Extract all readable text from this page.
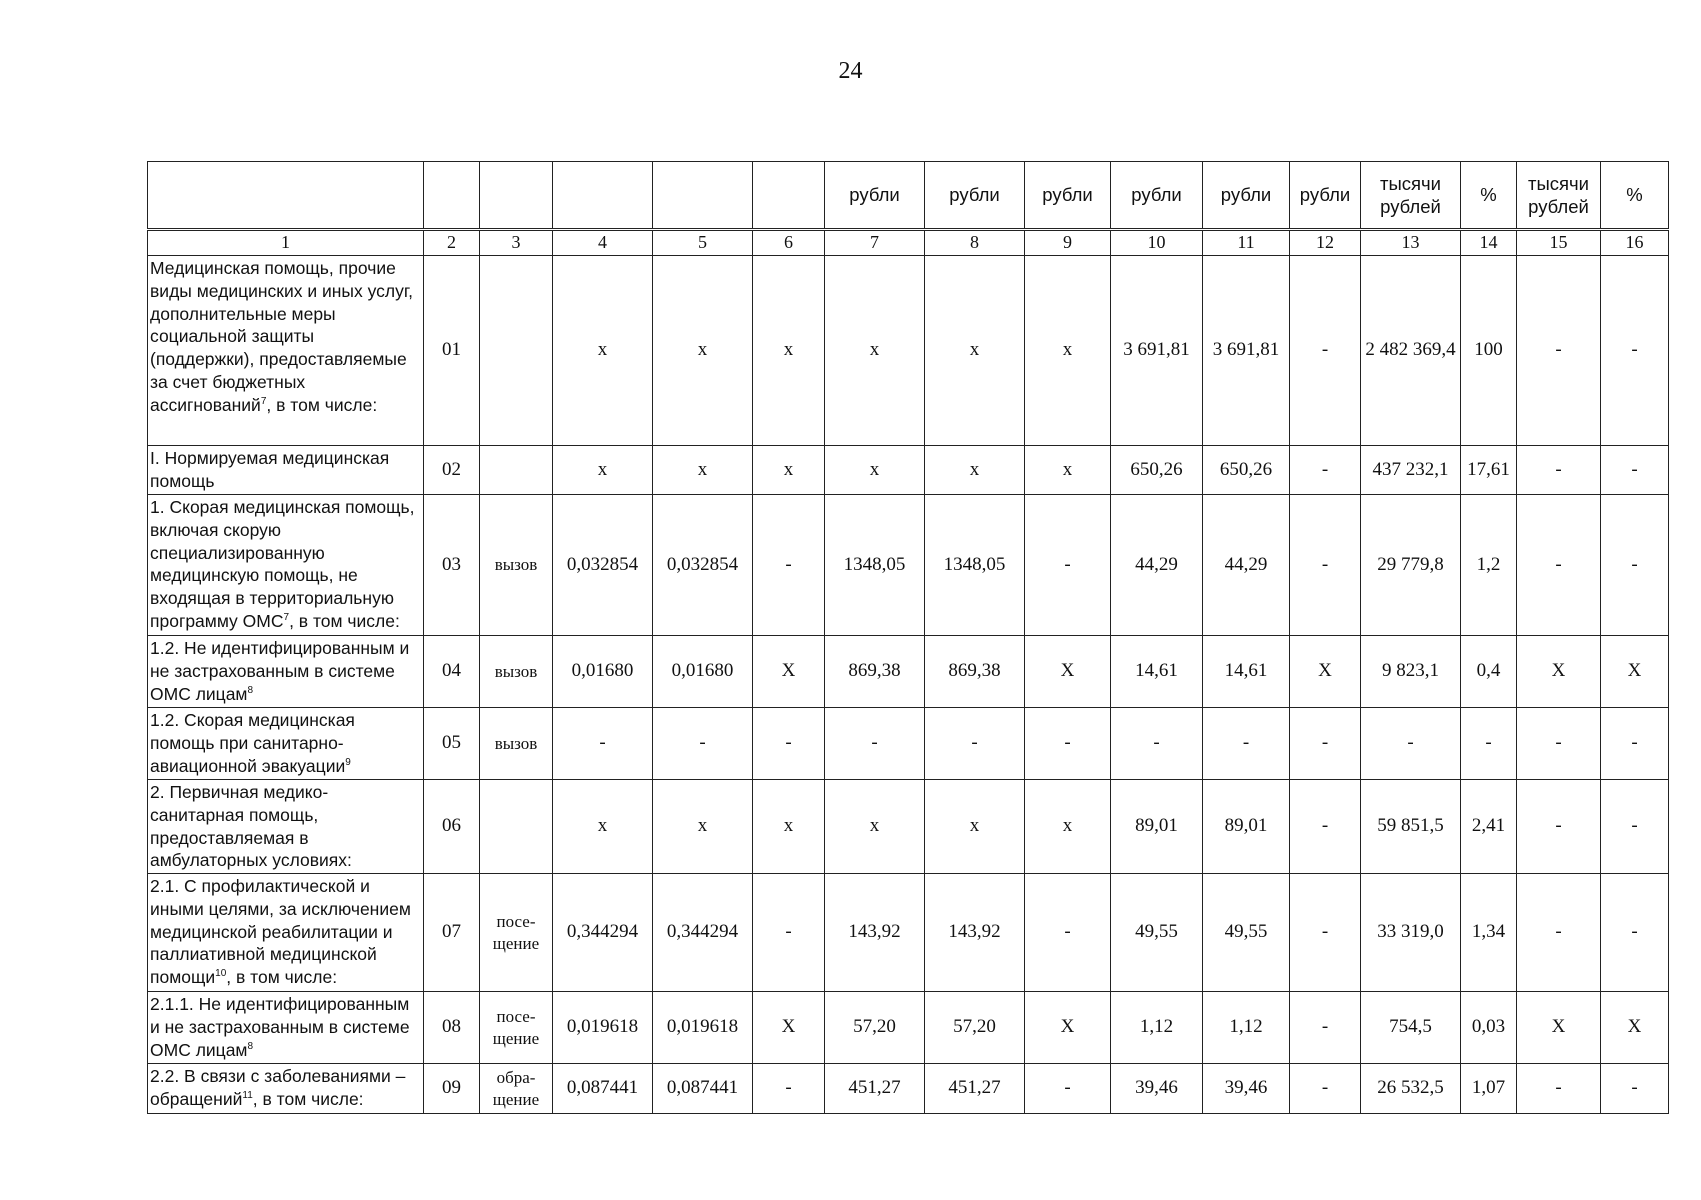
24
						рубли	рубли	рубли	рубли	рубли	рубли	тысячи рублей	%	тысячи рублей	%
1	2	3	4	5	6	7	8	9	10	11	12	13	14	15	16
Медицинская помощь, прочие виды медицинских и иных услуг, дополнительные меры социальной защиты (поддержки), предоставляемые за счет бюджетных ассигнований$^7$, в том числе:	01		х	х	х	х	х	х	3 691,81	3 691,81	-	2 482 369,4	100	-	-
I. Нормируемая медицинская помощь	02		х	х	х	х	х	х	650,26	650,26	-	437 232,1	17,61	-	-
1. Скорая медицинская помощь, включая скорую специализированную медицинскую помощь, не входящая в территориальную программу ОМС$^7$, в том числе:	03	вызов	0,032854	0,032854	-	1348,05	1348,05	-	44,29	44,29	-	29 779,8	1,2	-	-
1.2. Не идентифицированным и не застрахованным в системе ОМС лицам$^8$	04	вызов	0,01680	0,01680	Х	869,38	869,38	Х	14,61	14,61	Х	9 823,1	0,4	Х	Х
1.2. Скорая медицинская помощь при санитарно-авиационной эвакуации$^9$	05	вызов	-	-	-	-	-	-	-	-	-	-	-	-	-
2. Первичная медико-санитарная помощь, предоставляемая в амбулаторных условиях:	06		х	х	х	х	х	х	89,01	89,01	-	59 851,5	2,41	-	-
2.1. С профилактической и иными целями, за исключением медицинской реабилитации и паллиативной медицинской помощи$^{10}$, в том числе:	07	посе-щение	0,344294	0,344294	-	143,92	143,92	-	49,55	49,55	-	33 319,0	1,34	-	-
2.1.1. Не идентифицированным и не застрахованным в системе ОМС лицам$^8$	08	посе-щение	0,019618	0,019618	Х	57,20	57,20	Х	1,12	1,12	-	754,5	0,03	Х	Х
2.2. В связи с заболеваниями – обращений$^{11}$, в том числе:	09	обра-щение	0,087441	0,087441	-	451,27	451,27	-	39,46	39,46	-	26 532,5	1,07	-	-
